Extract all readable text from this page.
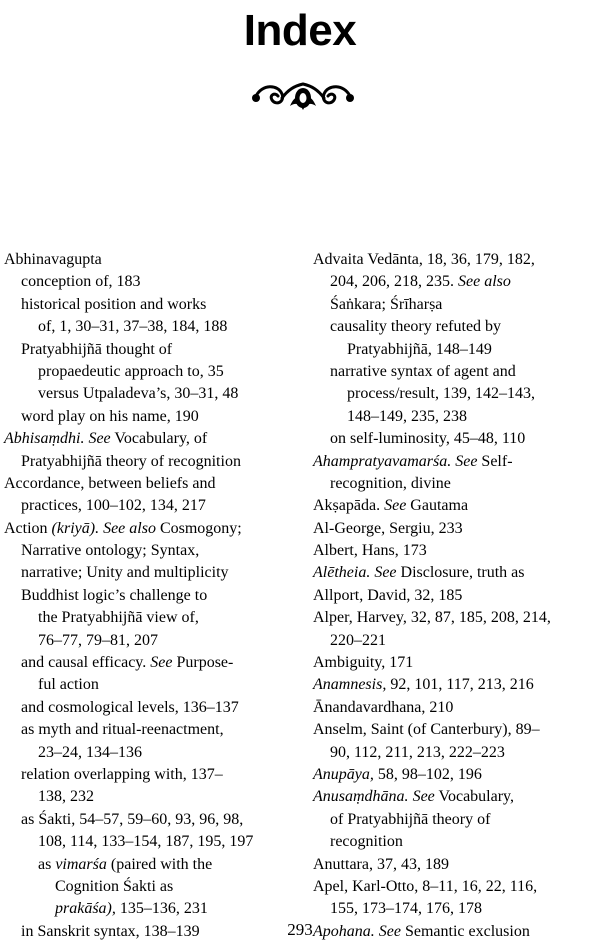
Index
Abhinavagupta
conception of, 183
historical position and works
of, 1, 30–31, 37–38, 184, 188
Pratyabhijñā thought of
propaedeutic approach to, 35
versus Utpaladeva’s, 30–31, 48
word play on his name, 190
Abhisaṃdhi. See Vocabulary, of
Pratyabhijñā theory of recognition
Accordance, between beliefs and
practices, 100–102, 134, 217
Action (kriyā). See also Cosmogony;
Narrative ontology; Syntax,
narrative; Unity and multiplicity
Buddhist logic’s challenge to
the Pratyabhijñā view of,
76–77, 79–81, 207
and causal efficacy. See Purpose-
ful action
and cosmological levels, 136–137
as myth and ritual-reenactment,
23–24, 134–136
relation overlapping with, 137–
138, 232
as Śakti, 54–57, 59–60, 93, 96, 98,
108, 114, 133–154, 187, 195, 197
as vimarśa (paired with the
Cognition Śakti as
prakāśa), 135–136, 231
in Sanskrit syntax, 138–139
Advaita Vedānta, 18, 36, 179, 182,
204, 206, 218, 235. See also
Śaṅkara; Śrīharṣa
causality theory refuted by
Pratyabhijñā, 148–149
narrative syntax of agent and
process/result, 139, 142–143,
148–149, 235, 238
on self-luminosity, 45–48, 110
Ahampratyavamarśa. See Self-
recognition, divine
Akṣapāda. See Gautama
Al-George, Sergiu, 233
Albert, Hans, 173
Alētheia. See Disclosure, truth as
Allport, David, 32, 185
Alper, Harvey, 32, 87, 185, 208, 214,
220–221
Ambiguity, 171
Anamnesis, 92, 101, 117, 213, 216
Ānandavardhana, 210
Anselm, Saint (of Canterbury), 89–
90, 112, 211, 213, 222–223
Anupāya, 58, 98–102, 196
Anusaṃdhāna. See Vocabulary,
of Pratyabhijñā theory of
recognition
Anuttara, 37, 43, 189
Apel, Karl-Otto, 8–11, 16, 22, 116,
155, 173–174, 176, 178
Apohana. See Semantic exclusion
293
